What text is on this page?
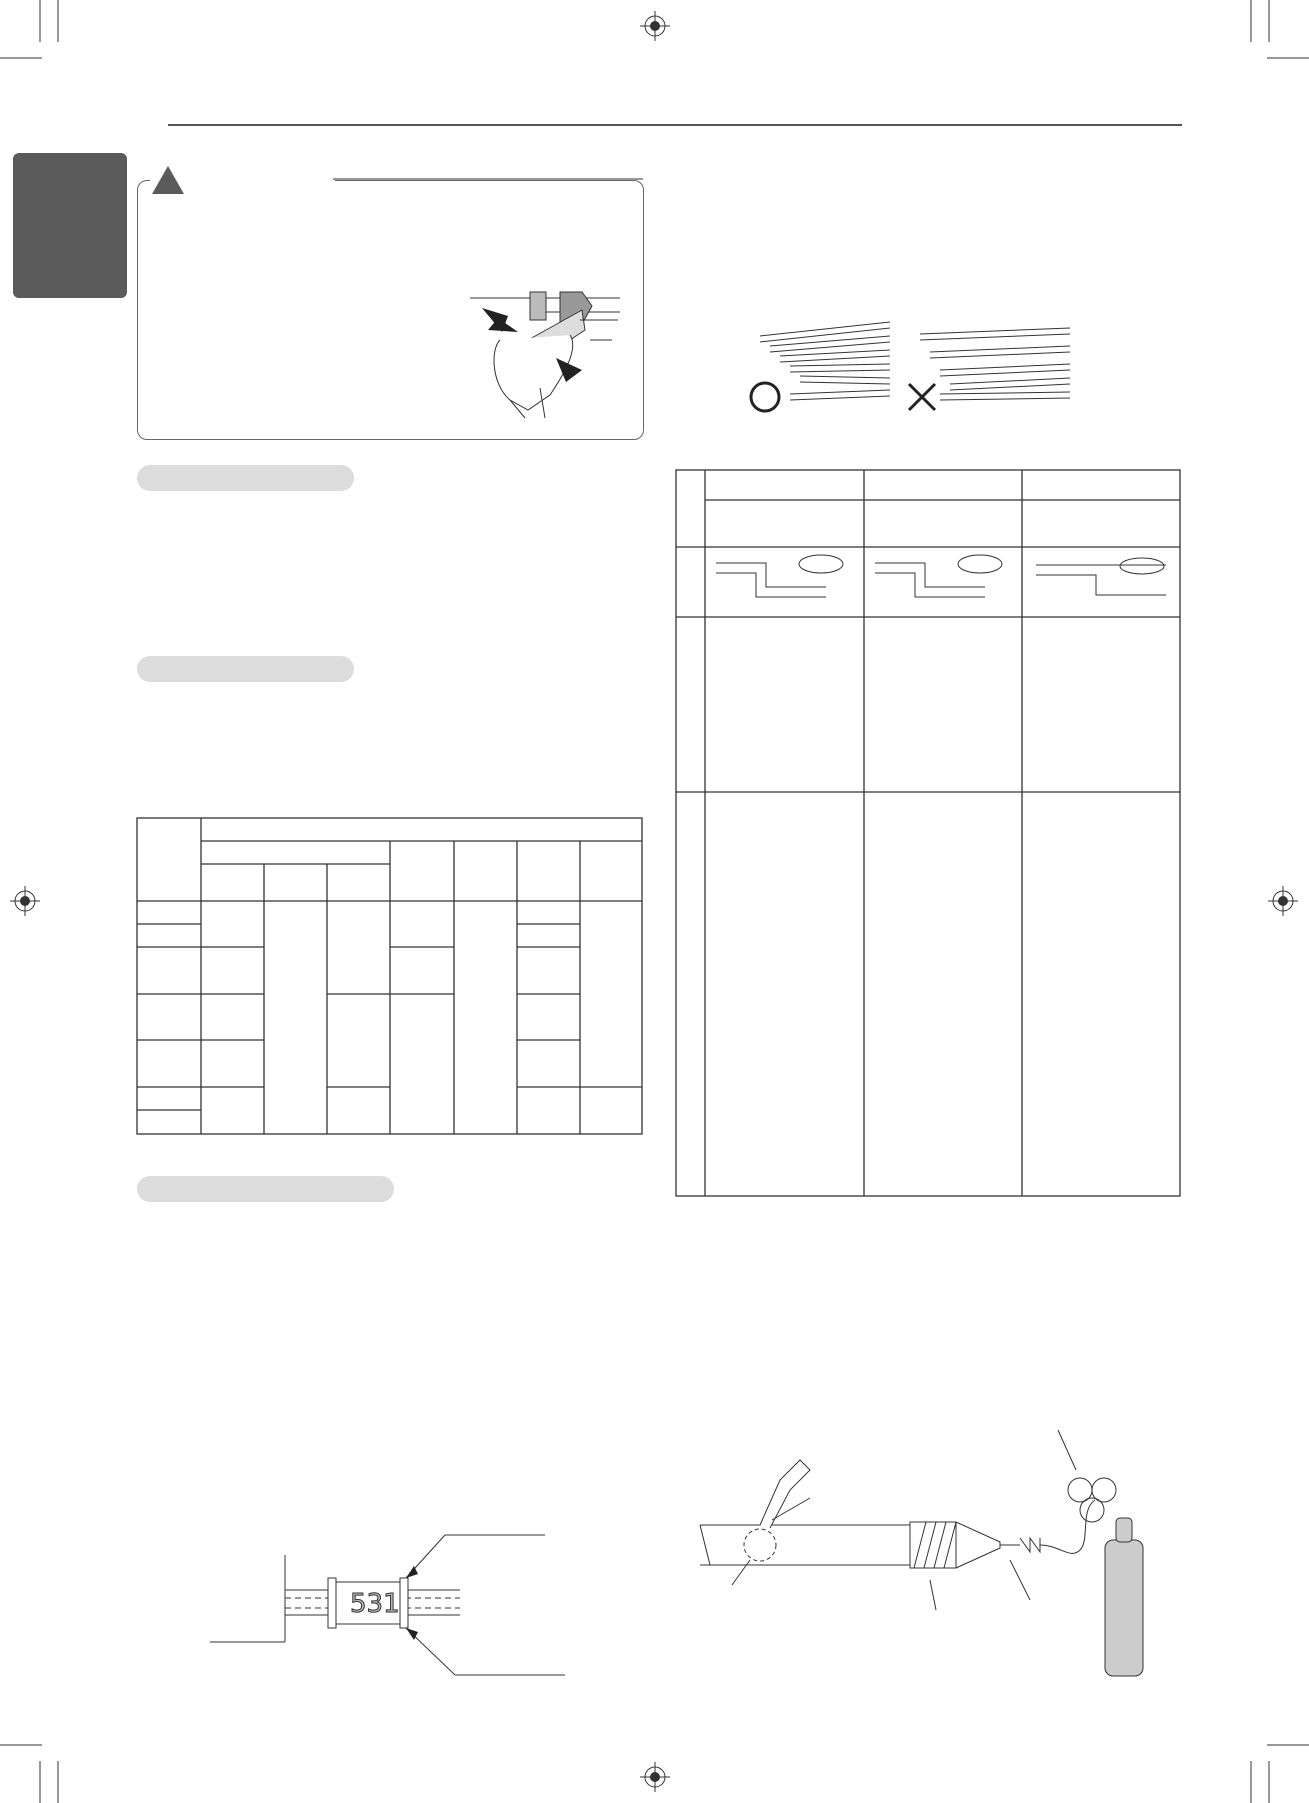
531
